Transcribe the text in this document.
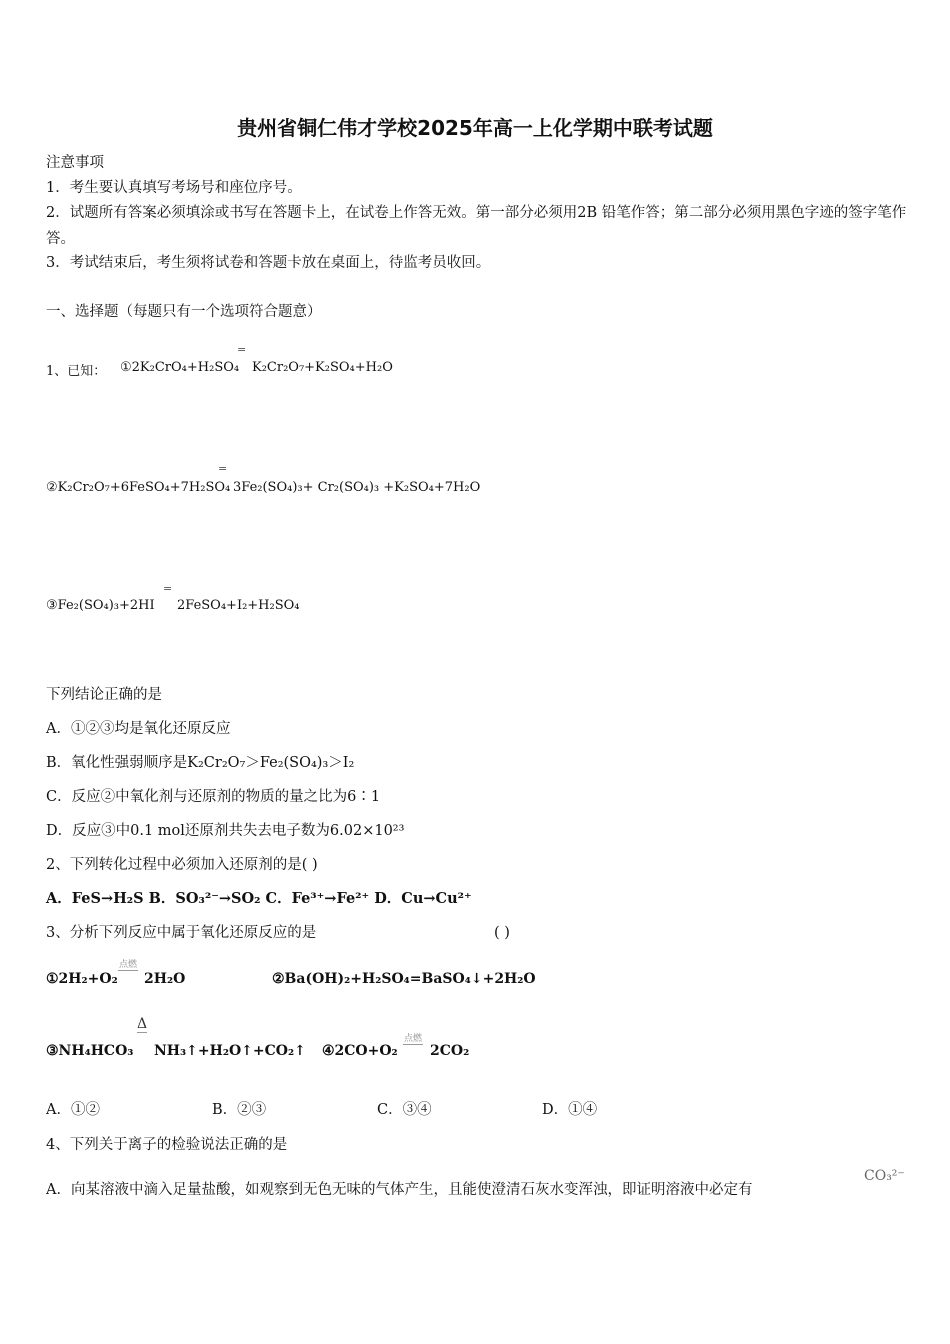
贵州省铜仁伟才学校2025年高一上化学期中联考试题
注意事项
1．考生要认真填写考场号和座位序号。
2．试题所有答案必须填涂或书写在答题卡上，在试卷上作答无效。第一部分必须用2B 铅笔作答；第二部分必须用黑色字迹的签字笔作答。
3．考试结束后，考生须将试卷和答题卡放在桌面上，待监考员收回。
一、选择题（每题只有一个选项符合题意）
1、已知： ①2K₂CrO₄+H₂SO₄
=
K₂Cr₂O₇+K₂SO₄+H₂O
②K₂Cr₂O₇+6FeSO₄+7H₂SO₄
=
3Fe₂(SO₄)₃+ Cr₂(SO₄)₃ +K₂SO₄+7H₂O
③Fe₂(SO₄)₃+2HI
=
2FeSO₄+I₂+H₂SO₄
下列结论正确的是
A．①②③均是氧化还原反应
B．氧化性强弱顺序是K₂Cr₂O₇＞Fe₂(SO₄)₃＞I₂
C．反应②中氧化剂与还原剂的物质的量之比为6∶1
D．反应③中0.1 mol还原剂共失去电子数为6.02×10²³
2、下列转化过程中必须加入还原剂的是( )
A．FeS→H₂S B．SO₃²⁻→SO₂ C．Fe³⁺→Fe²⁺ D．Cu→Cu²⁺
3、分析下列反应中属于氧化还原反应的是	( )
①2H₂+O₂
点燃
2H₂O	②Ba(OH)₂+H₂SO₄=BaSO₄↓+2H₂O
③NH₄HCO₃
Δ
NH₃↑+H₂O↑+CO₂↑ ④2CO+O₂
点燃
2CO₂
A．①②	B．②③	C．③④	D．①④
4、下列关于离子的检验说法正确的是
A．向某溶液中滴入足量盐酸，如观察到无色无味的气体产生，且能使澄清石灰水变浑浊，即证明溶液中必定有
CO₃²⁻
